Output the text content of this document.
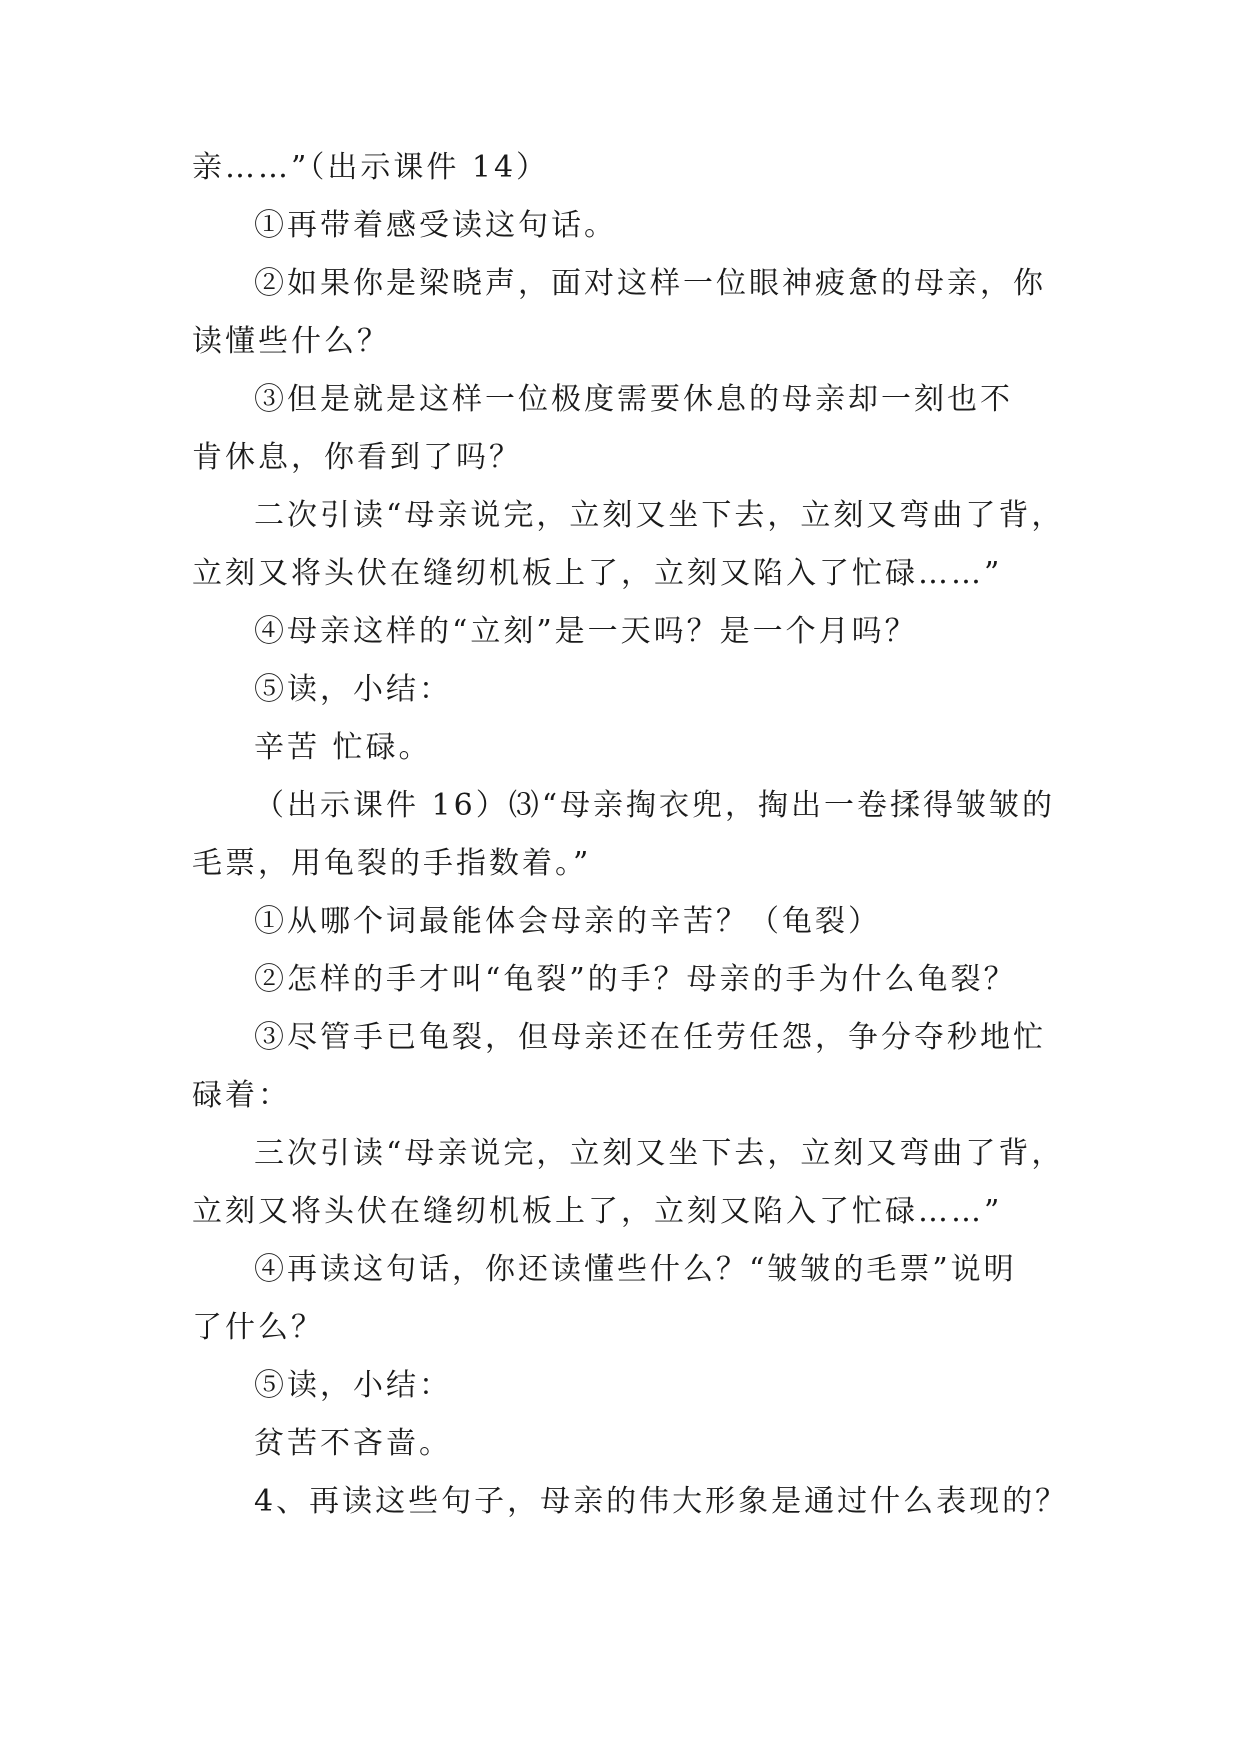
亲……”（出示课件 14）
①再带着感受读这句话。
②如果你是梁晓声，面对这样一位眼神疲惫的母亲，你
读懂些什么？
③但是就是这样一位极度需要休息的母亲却一刻也不
肯休息，你看到了吗？
二次引读“母亲说完，立刻又坐下去，立刻又弯曲了背，
立刻又将头伏在缝纫机板上了，立刻又陷入了忙碌……”
④母亲这样的“立刻”是一天吗？是一个月吗？
⑤读，小结：
辛苦 忙碌。
（出示课件 16）⑶“母亲掏衣兜，掏出一卷揉得皱皱的
毛票，用龟裂的手指数着。”
①从哪个词最能体会母亲的辛苦？（龟裂）
②怎样的手才叫“龟裂”的手？母亲的手为什么龟裂？
③尽管手已龟裂，但母亲还在任劳任怨，争分夺秒地忙
碌着：
三次引读“母亲说完，立刻又坐下去，立刻又弯曲了背，
立刻又将头伏在缝纫机板上了，立刻又陷入了忙碌……”
④再读这句话，你还读懂些什么？“皱皱的毛票”说明
了什么？
⑤读，小结：
贫苦不吝啬。
4、再读这些句子，母亲的伟大形象是通过什么表现的？
